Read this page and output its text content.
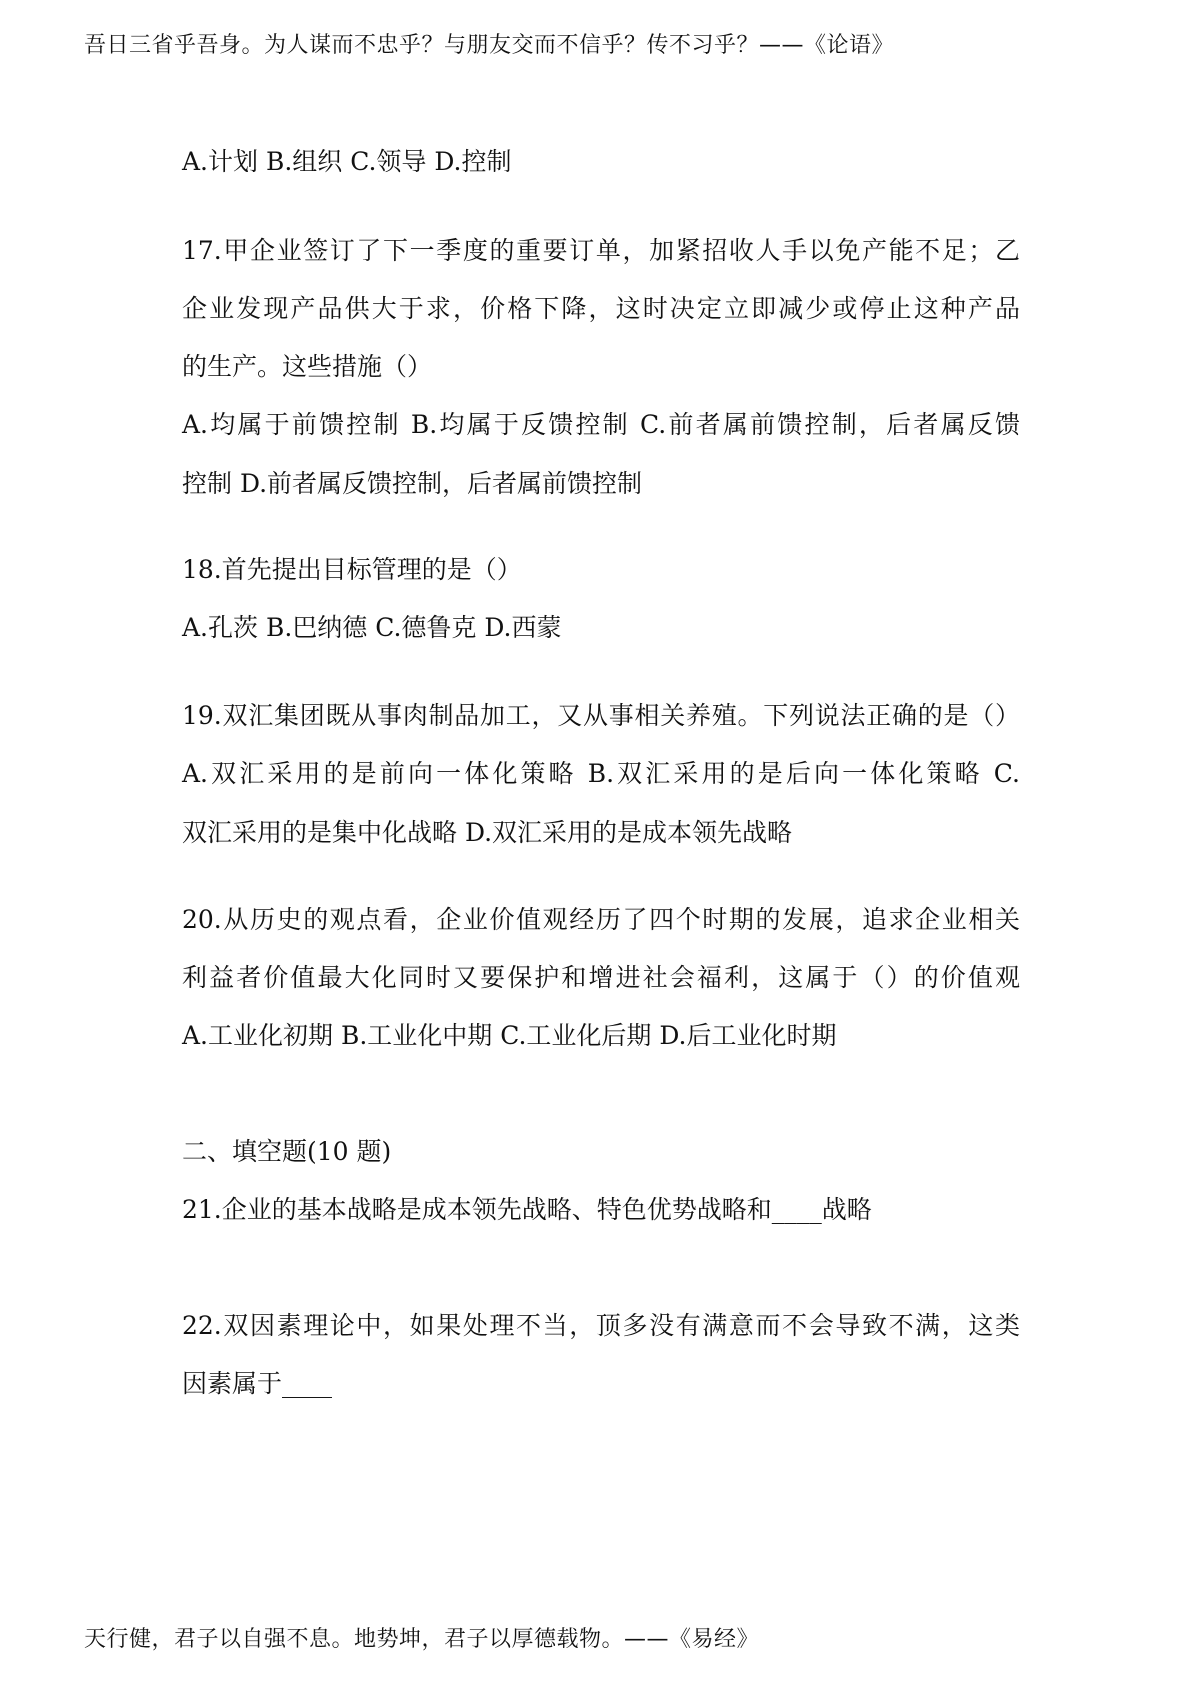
吾日三省乎吾身。为人谋而不忠乎？与朋友交而不信乎？传不习乎？——《论语》
A.计划 B.组织 C.领导 D.控制
17.甲企业签订了下一季度的重要订单，加紧招收人手以免产能不足；乙
企业发现产品供大于求，价格下降，这时决定立即减少或停止这种产品
的生产。这些措施（）
A.均属于前馈控制 B.均属于反馈控制 C.前者属前馈控制，后者属反馈
控制 D.前者属反馈控制，后者属前馈控制
18.首先提出目标管理的是（）
A.孔茨 B.巴纳德 C.德鲁克 D.西蒙
19.双汇集团既从事肉制品加工，又从事相关养殖。下列说法正确的是（）
A.双汇采用的是前向一体化策略 B.双汇采用的是后向一体化策略 C.
双汇采用的是集中化战略 D.双汇采用的是成本领先战略
20.从历史的观点看，企业价值观经历了四个时期的发展，追求企业相关
利益者价值最大化同时又要保护和增进社会福利，这属于（）的价值观
A.工业化初期 B.工业化中期 C.工业化后期 D.后工业化时期
二、填空题(10 题)
21.企业的基本战略是成本领先战略、特色优势战略和____战略
22.双因素理论中，如果处理不当，顶多没有满意而不会导致不满，这类
因素属于____
天行健，君子以自强不息。地势坤，君子以厚德载物。——《易经》
